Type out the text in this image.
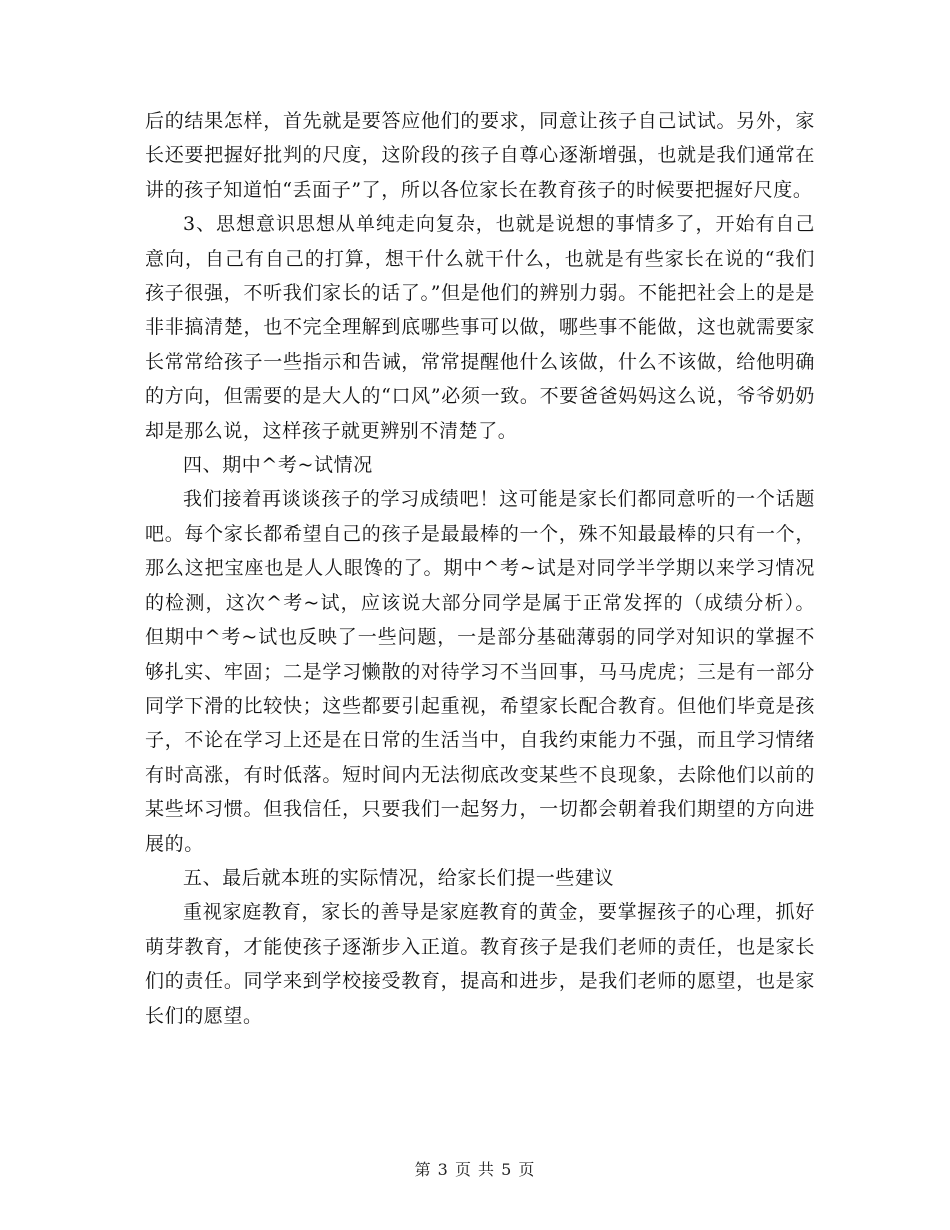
后的结果怎样，首先就是要答应他们的要求，同意让孩子自己试试。另外，家长还要把握好批判的尺度，这阶段的孩子自尊心逐渐增强，也就是我们通常在讲的孩子知道怕“丢面子”了，所以各位家长在教育孩子的时候要把握好尺度。

3、思想意识思想从单纯走向复杂，也就是说想的事情多了，开始有自己意向，自己有自己的打算，想干什么就干什么，也就是有些家长在说的“我们孩子很强，不听我们家长的话了。”但是他们的辨别力弱。不能把社会上的是是非非搞清楚，也不完全理解到底哪些事可以做，哪些事不能做，这也就需要家长常常给孩子一些指示和告诫，常常提醒他什么该做，什么不该做，给他明确的方向，但需要的是大人的“口风”必须一致。不要爸爸妈妈这么说，爷爷奶奶却是那么说，这样孩子就更辨别不清楚了。

四、期中^考~试情况

我们接着再谈谈孩子的学习成绩吧！这可能是家长们都同意听的一个话题吧。每个家长都希望自己的孩子是最最棒的一个，殊不知最最棒的只有一个，那么这把宝座也是人人眼馋的了。期中^考~试是对同学半学期以来学习情况的检测，这次^考~试，应该说大部分同学是属于正常发挥的（成绩分析）。但期中^考~试也反映了一些问题，一是部分基础薄弱的同学对知识的掌握不够扎实、牢固；二是学习懒散的对待学习不当回事，马马虎虎；三是有一部分同学下滑的比较快；这些都要引起重视，希望家长配合教育。但他们毕竟是孩子，不论在学习上还是在日常的生活当中，自我约束能力不强，而且学习情绪有时高涨，有时低落。短时间内无法彻底改变某些不良现象，去除他们以前的某些坏习惯。但我信任，只要我们一起努力，一切都会朝着我们期望的方向进展的。

五、最后就本班的实际情况，给家长们提一些建议

重视家庭教育，家长的善导是家庭教育的黄金，要掌握孩子的心理，抓好萌芽教育，才能使孩子逐渐步入正道。教育孩子是我们老师的责任，也是家长们的责任。同学来到学校接受教育，提高和进步，是我们老师的愿望，也是家长们的愿望。

第 3 页 共 5 页
